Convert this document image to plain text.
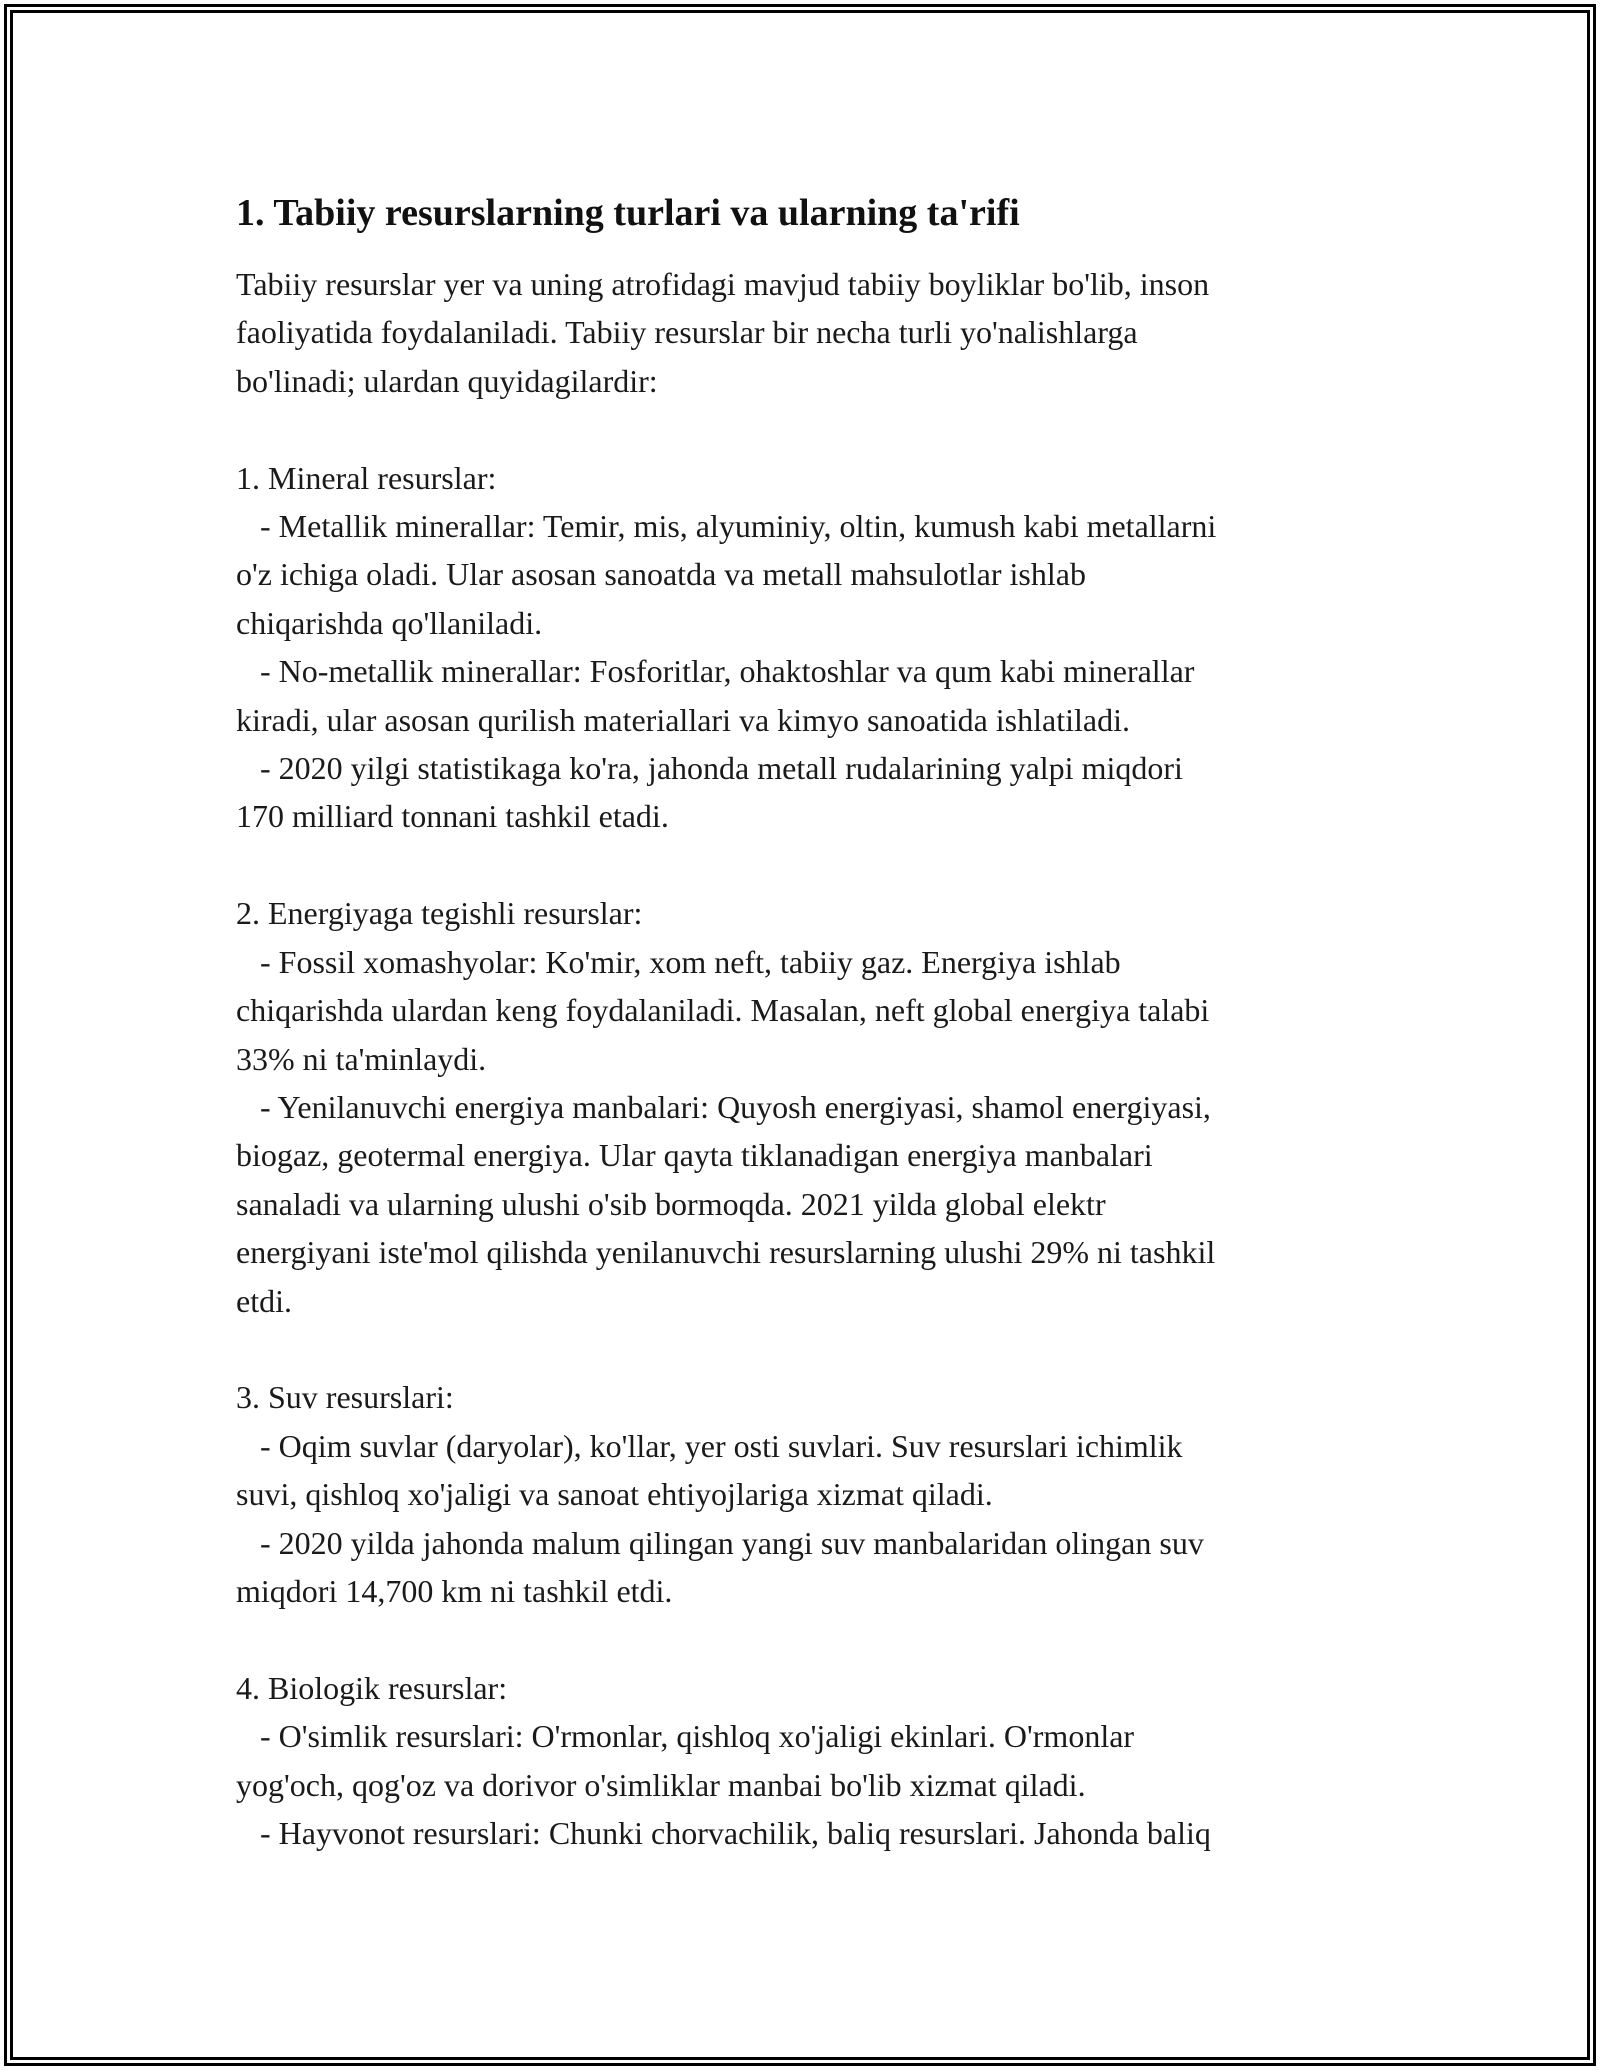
1. Tabiiy resurslarning turlari va ularning ta'rifi

Tabiiy resurslar yer va uning atrofidagi mavjud tabiiy boyliklar bo'lib, inson
faoliyatida foydalaniladi. Tabiiy resurslar bir necha turli yo'nalishlarga
bo'linadi; ulardan quyidagilardir:

1. Mineral resurslar:
- Metallik minerallar: Temir, mis, alyuminiy, oltin, kumush kabi metallarni
o'z ichiga oladi. Ular asosan sanoatda va metall mahsulotlar ishlab
chiqarishda qo'llaniladi.
- No-metallik minerallar: Fosforitlar, ohaktoshlar va qum kabi minerallar
kiradi, ular asosan qurilish materiallari va kimyo sanoatida ishlatiladi.
- 2020 yilgi statistikaga ko'ra, jahonda metall rudalarining yalpi miqdori
170 milliard tonnani tashkil etadi.

2. Energiyaga tegishli resurslar:
- Fossil xomashyolar: Ko'mir, xom neft, tabiiy gaz. Energiya ishlab
chiqarishda ulardan keng foydalaniladi. Masalan, neft global energiya talabi
33% ni ta'minlaydi.
- Yenilanuvchi energiya manbalari: Quyosh energiyasi, shamol energiyasi,
biogaz, geotermal energiya. Ular qayta tiklanadigan energiya manbalari
sanaladi va ularning ulushi o'sib bormoqda. 2021 yilda global elektr
energiyani iste'mol qilishda yenilanuvchi resurslarning ulushi 29% ni tashkil
etdi.

3. Suv resurslari:
- Oqim suvlar (daryolar), ko'llar, yer osti suvlari. Suv resurslari ichimlik
suvi, qishloq xo'jaligi va sanoat ehtiyojlariga xizmat qiladi.
- 2020 yilda jahonda malum qilingan yangi suv manbalaridan olingan suv
miqdori 14,700 km ni tashkil etdi.

4. Biologik resurslar:
- O'simlik resurslari: O'rmonlar, qishloq xo'jaligi ekinlari. O'rmonlar
yog'och, qog'oz va dorivor o'simliklar manbai bo'lib xizmat qiladi.
- Hayvonot resurslari: Chunki chorvachilik, baliq resurslari. Jahonda baliq
